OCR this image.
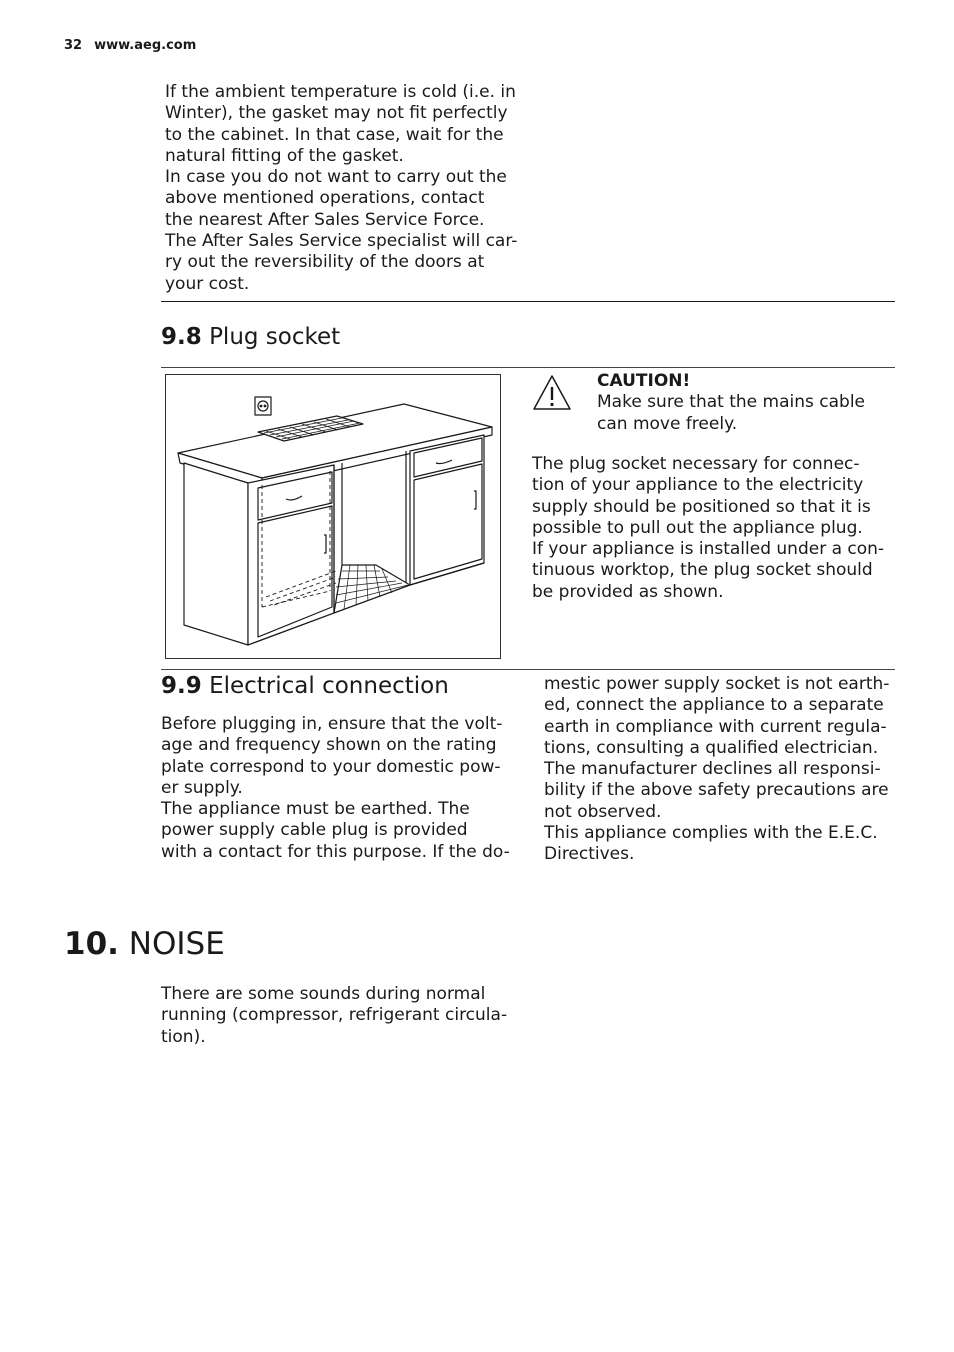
32 www.aeg.com
If the ambient temperature is cold (i.e. in
Winter), the gasket may not fit perfectly
to the cabinet. In that case, wait for the
natural fitting of the gasket.
In case you do not want to carry out the
above mentioned operations, contact
the nearest After Sales Service Force.
The After Sales Service specialist will car-
ry out the reversibility of the doors at
your cost.
9.8 Plug socket
CAUTION!
Make sure that the mains cable
can move freely.
The plug socket necessary for connec-
tion of your appliance to the electricity
supply should be positioned so that it is
possible to pull out the appliance plug.
If your appliance is installed under a con-
tinuous worktop, the plug socket should
be provided as shown.
9.9 Electrical connection
Before plugging in, ensure that the volt-
age and frequency shown on the rating
plate correspond to your domestic pow-
er supply.
The appliance must be earthed. The
power supply cable plug is provided
with a contact for this purpose. If the do-
mestic power supply socket is not earth-
ed, connect the appliance to a separate
earth in compliance with current regula-
tions, consulting a qualified electrician.
The manufacturer declines all responsi-
bility if the above safety precautions are
not observed.
This appliance complies with the E.E.C.
Directives.
10. NOISE
There are some sounds during normal
running (compressor, refrigerant circula-
tion).
